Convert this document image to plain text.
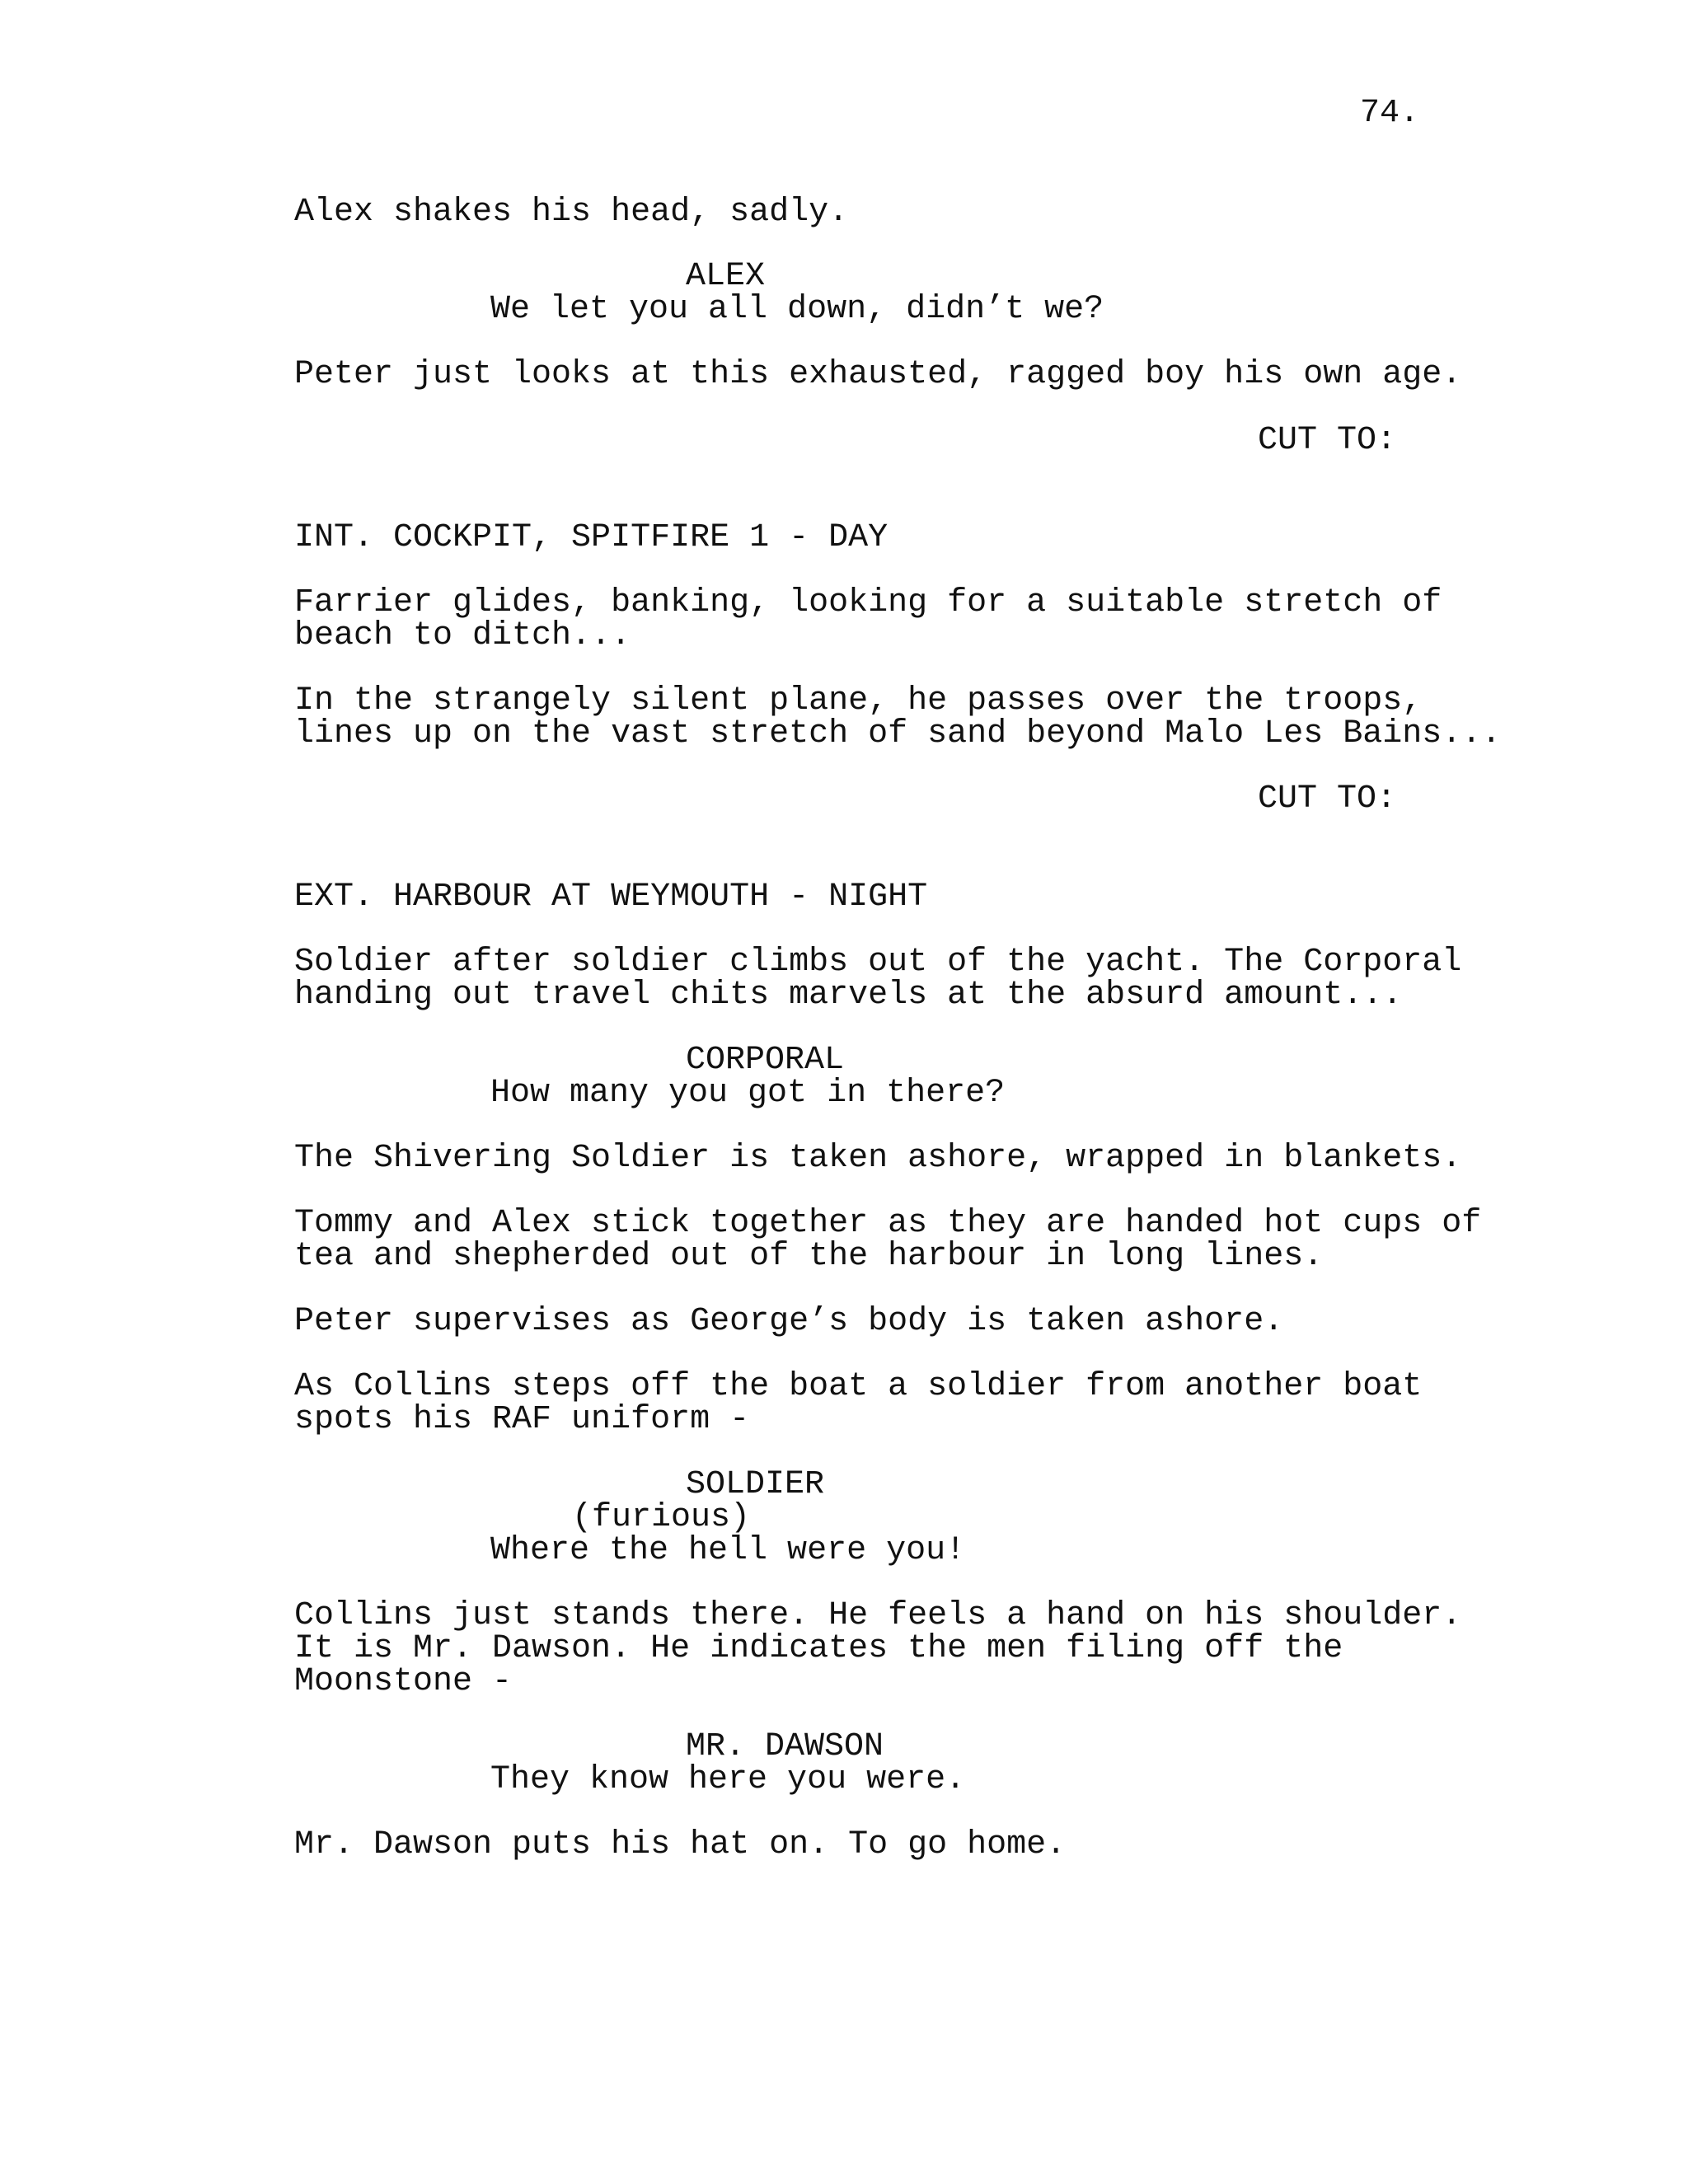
74.
Alex shakes his head, sadly.
ALEX
We let you all down, didn’t we?
Peter just looks at this exhausted, ragged boy his own age.
CUT TO:
INT. COCKPIT, SPITFIRE 1 - DAY
Farrier glides, banking, looking for a suitable stretch of
beach to ditch...
In the strangely silent plane, he passes over the troops,
lines up on the vast stretch of sand beyond Malo Les Bains...
CUT TO:
EXT. HARBOUR AT WEYMOUTH - NIGHT
Soldier after soldier climbs out of the yacht. The Corporal
handing out travel chits marvels at the absurd amount...
CORPORAL
How many you got in there?
The Shivering Soldier is taken ashore, wrapped in blankets.
Tommy and Alex stick together as they are handed hot cups of
tea and shepherded out of the harbour in long lines.
Peter supervises as George’s body is taken ashore.
As Collins steps off the boat a soldier from another boat
spots his RAF uniform -
SOLDIER
(furious)
Where the hell were you!
Collins just stands there. He feels a hand on his shoulder.
It is Mr. Dawson. He indicates the men filing off the
Moonstone -
MR. DAWSON
They know here you were.
Mr. Dawson puts his hat on. To go home.
